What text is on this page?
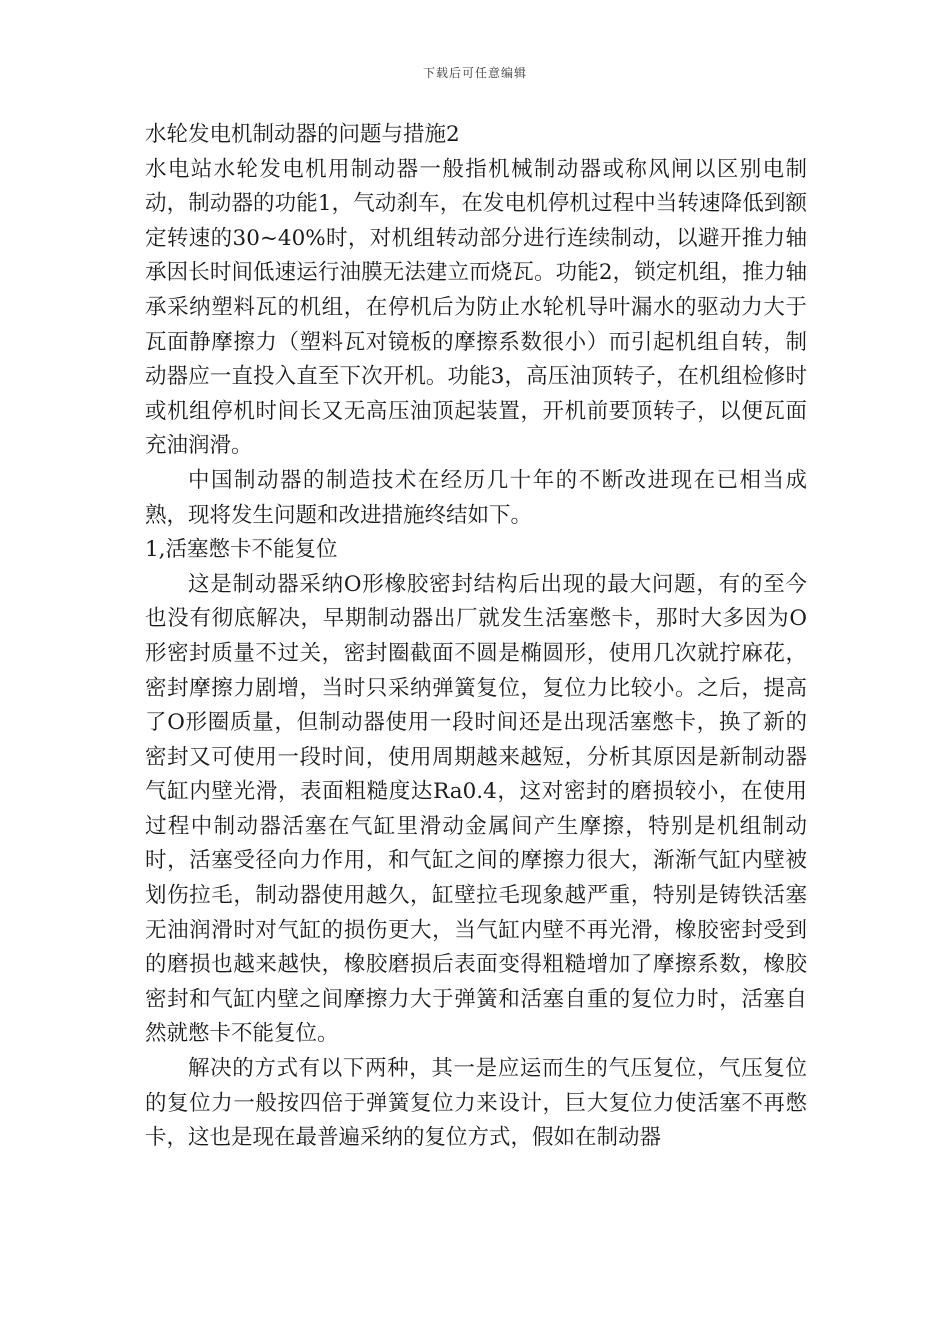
下载后可任意编辑

水轮发电机制动器的问题与措施2

水电站水轮发电机用制动器一般指机械制动器或称风闸以区别电制动，制动器的功能1，气动刹车，在发电机停机过程中当转速降低到额定转速的30~40%时，对机组转动部分进行连续制动，以避开推力轴承因长时间低速运行油膜无法建立而烧瓦。功能2，锁定机组，推力轴承采纳塑料瓦的机组，在停机后为防止水轮机导叶漏水的驱动力大于瓦面静摩擦力（塑料瓦对镜板的摩擦系数很小）而引起机组自转，制动器应一直投入直至下次开机。功能3，高压油顶转子，在机组检修时或机组停机时间长又无高压油顶起装置，开机前要顶转子，以便瓦面充油润滑。

中国制动器的制造技术在经历几十年的不断改进现在已相当成熟，现将发生问题和改进措施终结如下。

1,活塞憋卡不能复位

这是制动器采纳O形橡胶密封结构后出现的最大问题，有的至今也没有彻底解决，早期制动器出厂就发生活塞憋卡，那时大多因为O形密封质量不过关，密封圈截面不圆是椭圆形，使用几次就拧麻花，密封摩擦力剧增，当时只采纳弹簧复位，复位力比较小。之后，提高了O形圈质量，但制动器使用一段时间还是出现活塞憋卡，换了新的密封又可使用一段时间，使用周期越来越短，分析其原因是新制动器气缸内壁光滑，表面粗糙度达Ra0.4，这对密封的磨损较小，在使用过程中制动器活塞在气缸里滑动金属间产生摩擦，特别是机组制动时，活塞受径向力作用，和气缸之间的摩擦力很大，渐渐气缸内壁被划伤拉毛，制动器使用越久，缸壁拉毛现象越严重，特别是铸铁活塞无油润滑时对气缸的损伤更大，当气缸内壁不再光滑，橡胶密封受到的磨损也越来越快，橡胶磨损后表面变得粗糙增加了摩擦系数，橡胶密封和气缸内壁之间摩擦力大于弹簧和活塞自重的复位力时，活塞自然就憋卡不能复位。

解决的方式有以下两种，其一是应运而生的气压复位，气压复位的复位力一般按四倍于弹簧复位力来设计，巨大复位力使活塞不再憋卡，这也是现在最普遍采纳的复位方式，假如在制动器
